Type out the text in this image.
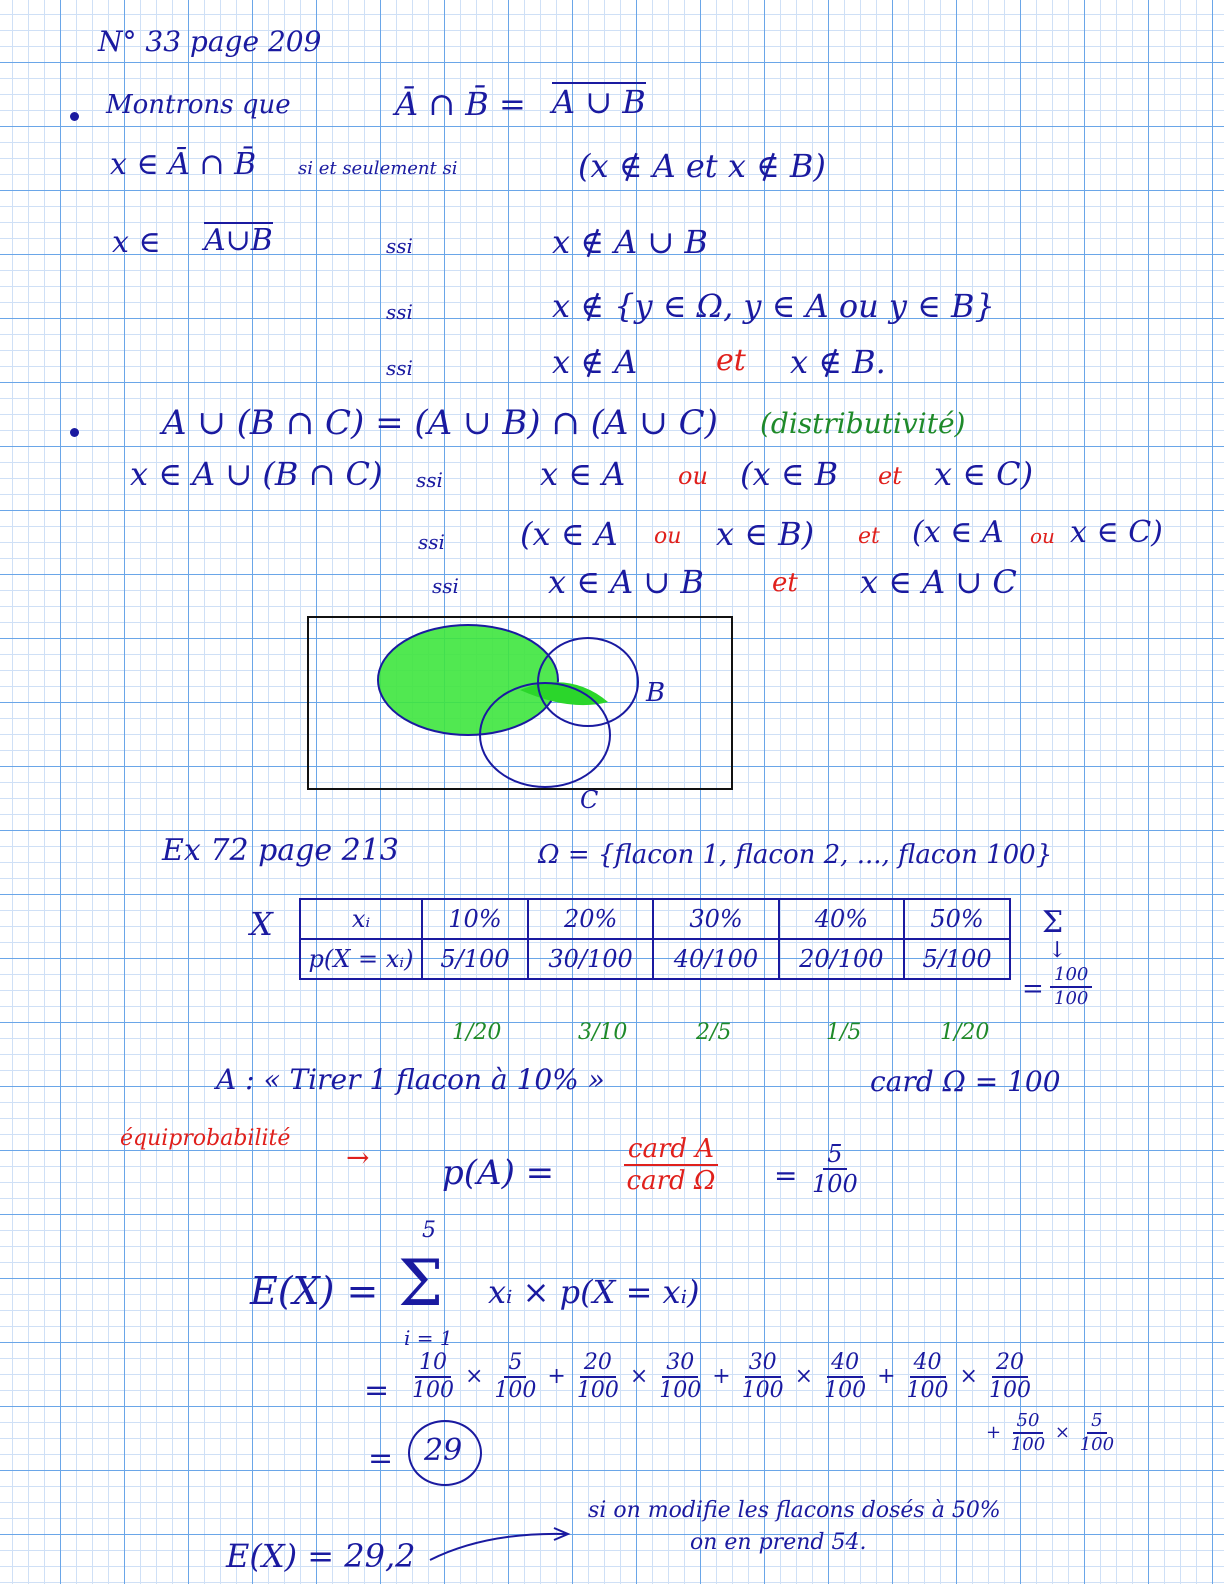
N° 33 page 209
Montrons que	Ā ∩ B̄ = A ∪ B
x ∈ Ā ∩ B̄ si et seulement si	(x ∉ A et x ∉ B)
x ∈ A∪B	ssi	x ∉ A ∪ B
ssi	x ∉ {y ∈ Ω, y ∈ A ou y ∈ B}
ssi	x ∉ A	et x ∉ B.
A ∪ (B ∩ C) = (A ∪ B) ∩ (A ∪ C) (distributivité)
x ∈ A ∪ (B ∩ C) ssi	x ∈ A ou (x ∈ B et x ∈ C)
ssi (x ∈ A ou x ∈ B) et (x ∈ A ou x ∈ C)
ssi	x ∈ A ∪ B	et x ∈ A ∪ C
B
C
Ex 72 page 213	Ω = {flacon 1, flacon 2, ..., flacon 100}
X	xᵢ	10%	20%	30%	40%	50%
p(X = xᵢ)	5/100	30/100	40/100	20/100	5/100
Σ
↓
= $\frac{100}{100}$
1/20	3/10	2/5	1/5	1/20
A : « Tirer 1 flacon à 10% »	card Ω = 100
équiprobabilité
→ $p(A) = \frac{\text{card A}}{\text{card Ω}} = \frac{5}{100}$
5
E(X) = Σ
i = 1
xᵢ × p(X = xᵢ)
= $\frac{10}{100} \times \frac{5}{100} + \frac{20}{100} \times \frac{30}{100} + \frac{30}{100} \times \frac{40}{100} + \frac{40}{100} \times \frac{20}{100}$
+ $\frac{50}{100} \times \frac{5}{100}$
= 29
E(X) = 29,2
si on modifie les flacons dosés à 50%
on en prend 54.
